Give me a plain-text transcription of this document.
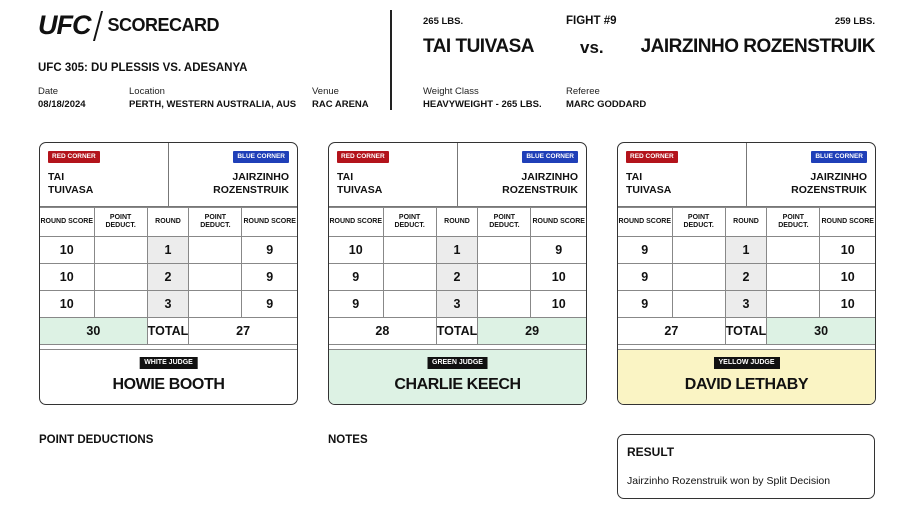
UFC SCORECARD
UFC 305: DU PLESSIS VS. ADESANYA
Date
08/18/2024
Location
PERTH, WESTERN AUSTRALIA, AUS
Venue
RAC ARENA
265 LBS.	FIGHT #9	259 LBS.
TAI TUIVASA	vs. JAIRZINHO ROZENSTRUIK
Weight Class
HEAVYWEIGHT - 265 LBS.
Referee
MARC GODDARD
RED CORNER	BLUE CORNER
TAI
TUIVASA
JAIRZINHO
ROZENSTRUIK
ROUND SCORE	POINT DEDUCT.	ROUND	POINT DEDUCT.	ROUND SCORE
10		1		9
10		2		9
10		3		9
30		TOTAL	27	
WHITE JUDGE
HOWIE BOOTH
RED CORNER	BLUE CORNER
TAI
TUIVASA
JAIRZINHO
ROZENSTRUIK
ROUND SCORE	POINT DEDUCT.	ROUND	POINT DEDUCT.	ROUND SCORE
10		1		9
9		2		10
9		3		10
28		TOTAL	29	
GREEN JUDGE
CHARLIE KEECH
RED CORNER	BLUE CORNER
TAI
TUIVASA
JAIRZINHO
ROZENSTRUIK
ROUND SCORE	POINT DEDUCT.	ROUND	POINT DEDUCT.	ROUND SCORE
9		1		10
9		2		10
9		3		10
27		TOTAL	30	
YELLOW JUDGE
DAVID LETHABY
POINT DEDUCTIONS	NOTES
RESULT
Jairzinho Rozenstruik won by Split Decision
